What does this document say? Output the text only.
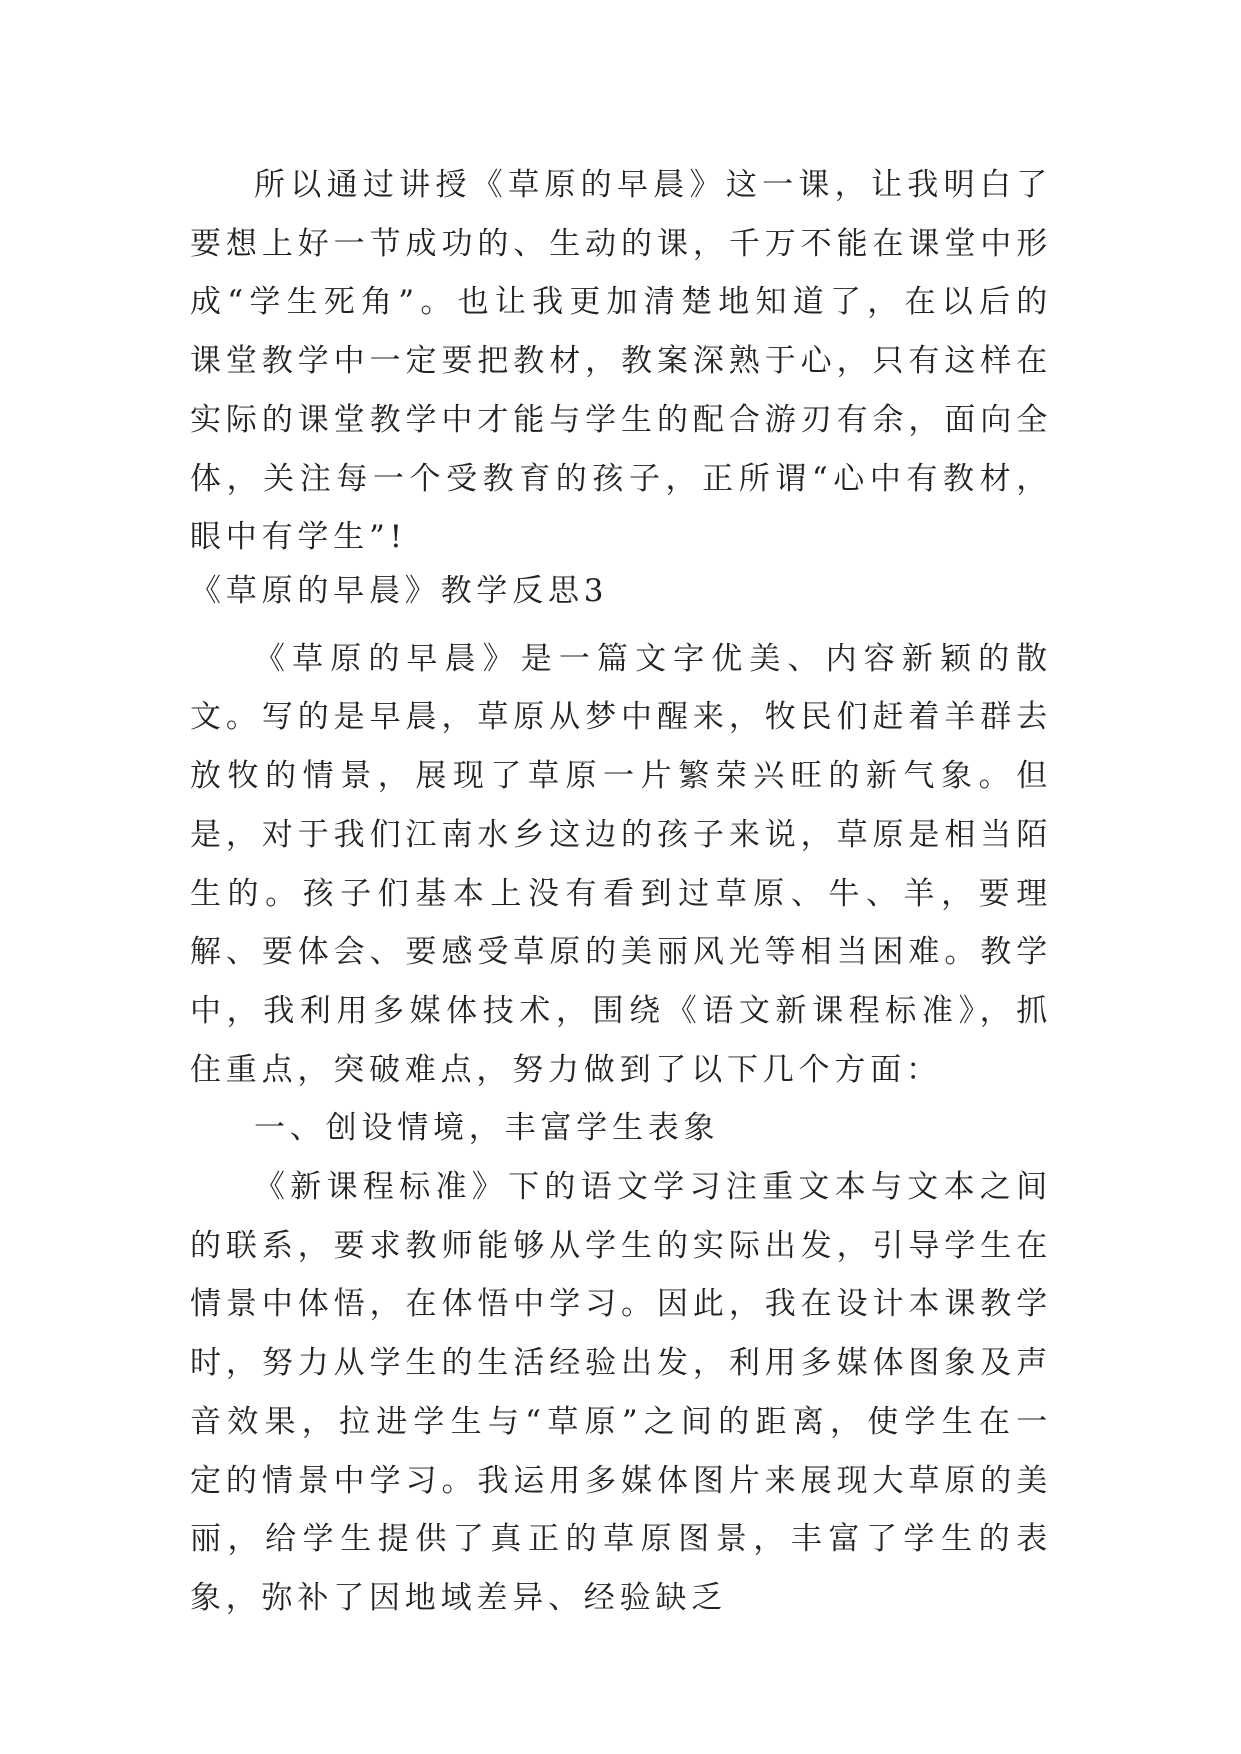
所以通过讲授《草原的早晨》这一课，让我明白了要想上好一节成功的、生动的课，千万不能在课堂中形成“学生死角”。也让我更加清楚地知道了，在以后的课堂教学中一定要把教材，教案深熟于心，只有这样在实际的课堂教学中才能与学生的配合游刃有余，面向全体，关注每一个受教育的孩子，正所谓“心中有教材，眼中有学生”!

《草原的早晨》教学反思3

《草原的早晨》是一篇文字优美、内容新颖的散文。写的是早晨，草原从梦中醒来，牧民们赶着羊群去放牧的情景，展现了草原一片繁荣兴旺的新气象。但是，对于我们江南水乡这边的孩子来说，草原是相当陌生的。孩子们基本上没有看到过草原、牛、羊，要理解、要体会、要感受草原的美丽风光等相当困难。教学中，我利用多媒体技术，围绕《语文新课程标准》，抓住重点，突破难点，努力做到了以下几个方面：

一、创设情境，丰富学生表象

《新课程标准》下的语文学习注重文本与文本之间的联系，要求教师能够从学生的实际出发，引导学生在情景中体悟，在体悟中学习。因此，我在设计本课教学时，努力从学生的生活经验出发，利用多媒体图象及声音效果，拉进学生与“草原”之间的距离，使学生在一定的情景中学习。我运用多媒体图片来展现大草原的美丽，给学生提供了真正的草原图景，丰富了学生的表象，弥补了因地域差异、经验缺乏
